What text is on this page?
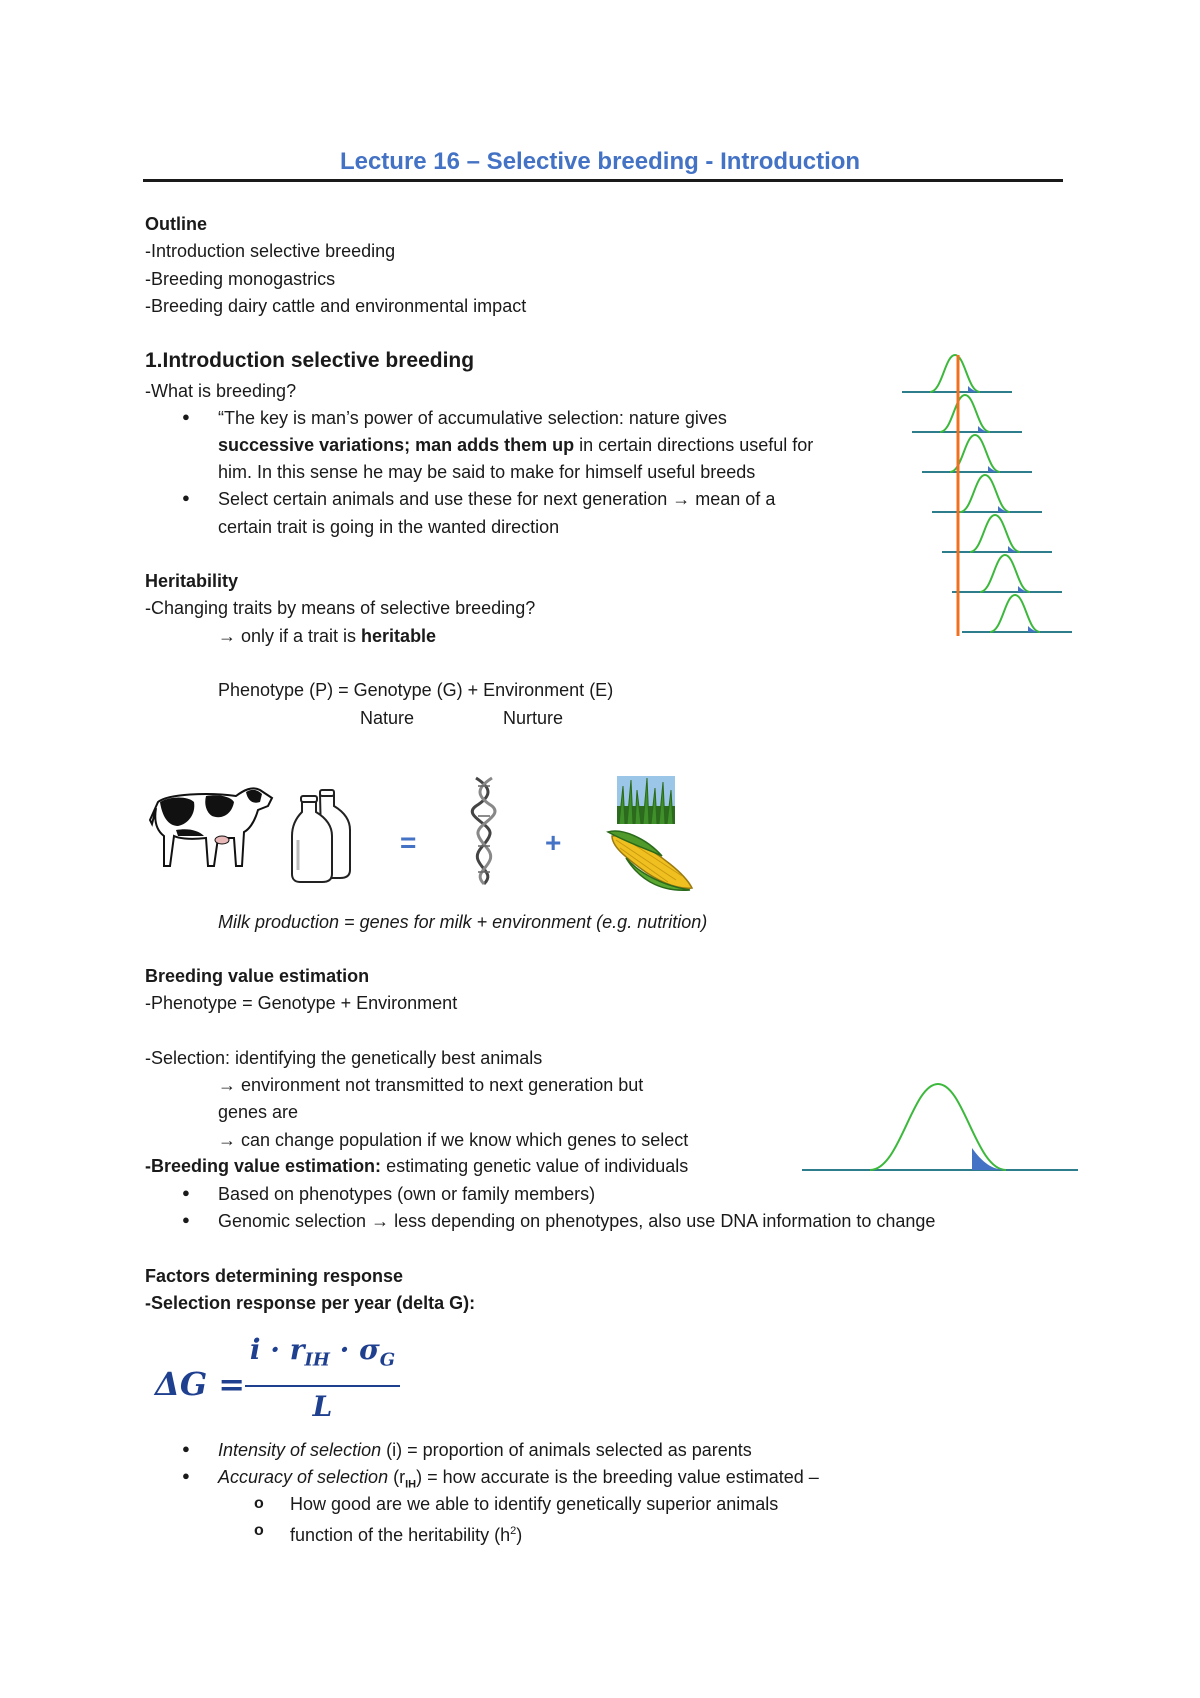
Lecture 16 – Selective breeding - Introduction
Outline
-Introduction selective breeding
-Breeding monogastrics
-Breeding dairy cattle and environmental impact
1.Introduction selective breeding
-What is breeding?
● “The key is man’s power of accumulative selection: nature gives
successive variations; man adds them up in certain directions useful for
him. In this sense he may be said to make for himself useful breeds
● Select certain animals and use these for next generation → mean of a
certain trait is going in the wanted direction
Heritability
-Changing traits by means of selective breeding?
→ only if a trait is heritable
Phenotype (P) = Genotype (G) + Environment (E)
Nature	Nurture
=	+
Milk production = genes for milk + environment (e.g. nutrition)
Breeding value estimation
-Phenotype = Genotype + Environment
-Selection: identifying the genetically best animals
→ environment not transmitted to next generation but
genes are
→ can change population if we know which genes to select
-Breeding value estimation: estimating genetic value of individuals
● Based on phenotypes (own or family members)
● Genomic selection → less depending on phenotypes, also use DNA information to change
Factors determining response
-Selection response per year (delta G):
ΔG =
$i \cdot r_{IH} \cdot \sigma_G$
L
● Intensity of selection (i) = proportion of animals selected as parents
● Accuracy of selection $(r_{IH})$ = how accurate is the breeding value estimated –
o How good are we able to identify genetically superior animals
o function of the heritability $(h^2)$
